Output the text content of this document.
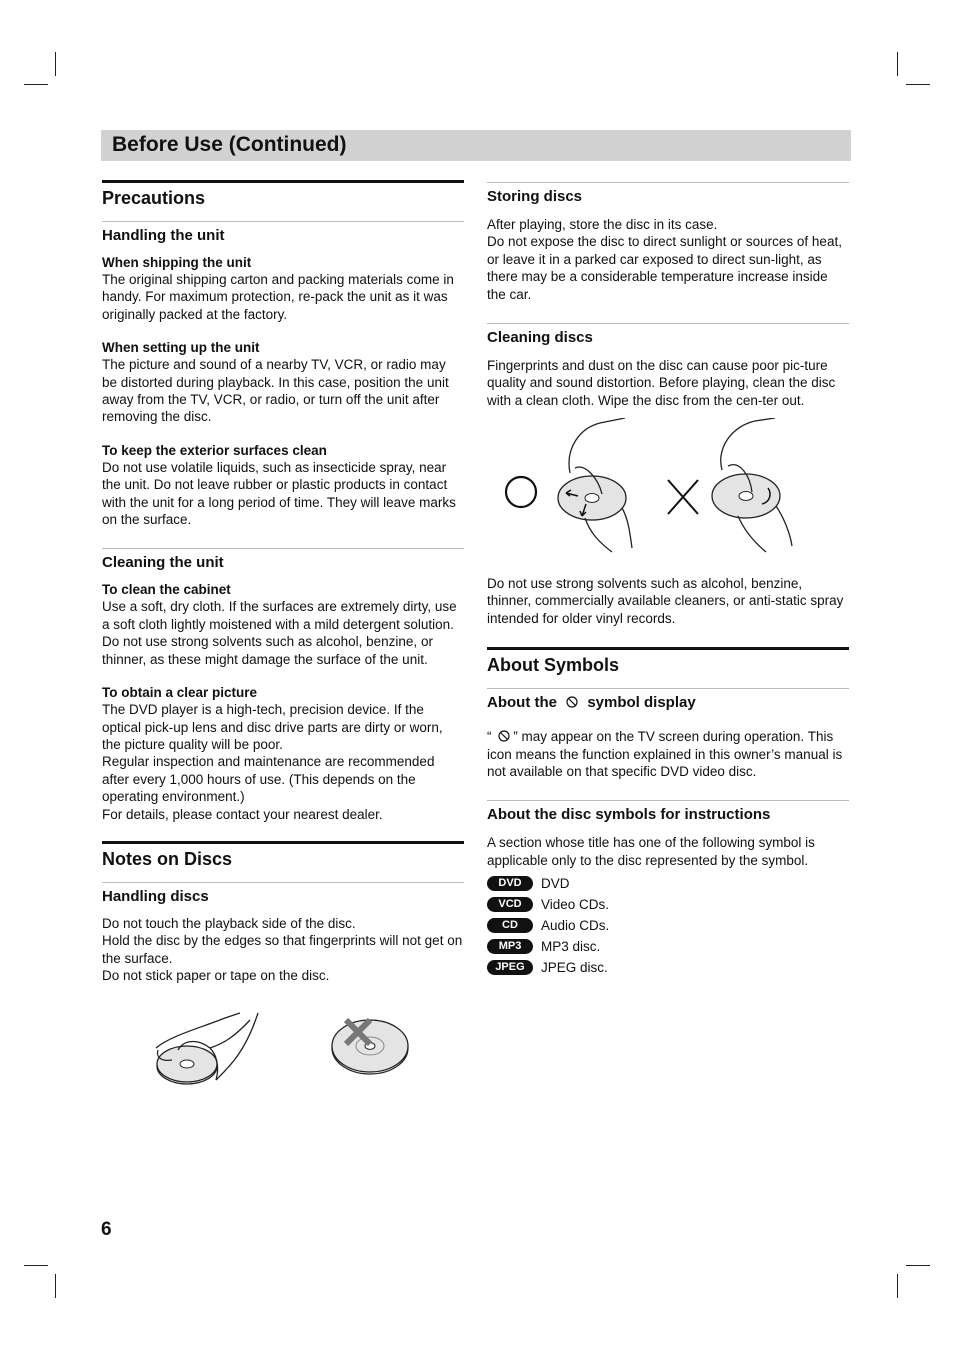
Before Use (Continued)
Precautions
Handling the unit
When shipping the unit

The original shipping carton and packing materials come in handy. For maximum protection, re-pack the unit as it was originally packed at the factory.

When setting up the unit

The picture and sound of a nearby TV, VCR, or radio may be distorted during playback. In this case, position the unit away from the TV, VCR, or radio, or turn off the unit after removing the disc.

To keep the exterior surfaces clean

Do not use volatile liquids, such as insecticide spray, near the unit. Do not leave rubber or plastic products in contact with the unit for a long period of time. They will leave marks on the surface.

Cleaning the unit
To clean the cabinet

Use a soft, dry cloth. If the surfaces are extremely dirty, use a soft cloth lightly moistened with a mild detergent solution. Do not use strong solvents such as alcohol, benzine, or thinner, as these might damage the surface of the unit.

To obtain a clear picture

The DVD player is a high-tech, precision device. If the optical pick-up lens and disc drive parts are dirty or worn, the picture quality will be poor.

Regular inspection and maintenance are recommended after every 1,000 hours of use. (This depends on the operating environment.)

For details, please contact your nearest dealer.

Notes on Discs
Handling discs

Do not touch the playback side of the disc.

Hold the disc by the edges so that fingerprints will not get on the surface.

Do not stick paper or tape on the disc.

Storing discs

After playing, store the disc in its case.

Do not expose the disc to direct sunlight or sources of heat, or leave it in a parked car exposed to direct sun-light, as there may be a considerable temperature increase inside the car.

Cleaning discs

Fingerprints and dust on the disc can cause poor pic-ture quality and sound distortion. Before playing, clean the disc with a clean cloth. Wipe the disc from the cen-ter out.

Do not use strong solvents such as alcohol, benzine, thinner, commercially available cleaners, or anti-static spray intended for older vinyl records.

About Symbols
About the symbol display

“ ” may appear on the TV screen during operation. This icon means the function explained in this owner’s manual is not available on that specific DVD video disc.

About the disc symbols for instructions

A section whose title has one of the following symbol is applicable only to the disc represented by the symbol.

DVD	DVD
VCD	Video CDs.
CD	Audio CDs.
MP3	MP3 disc.
JPEG	JPEG disc.
6
